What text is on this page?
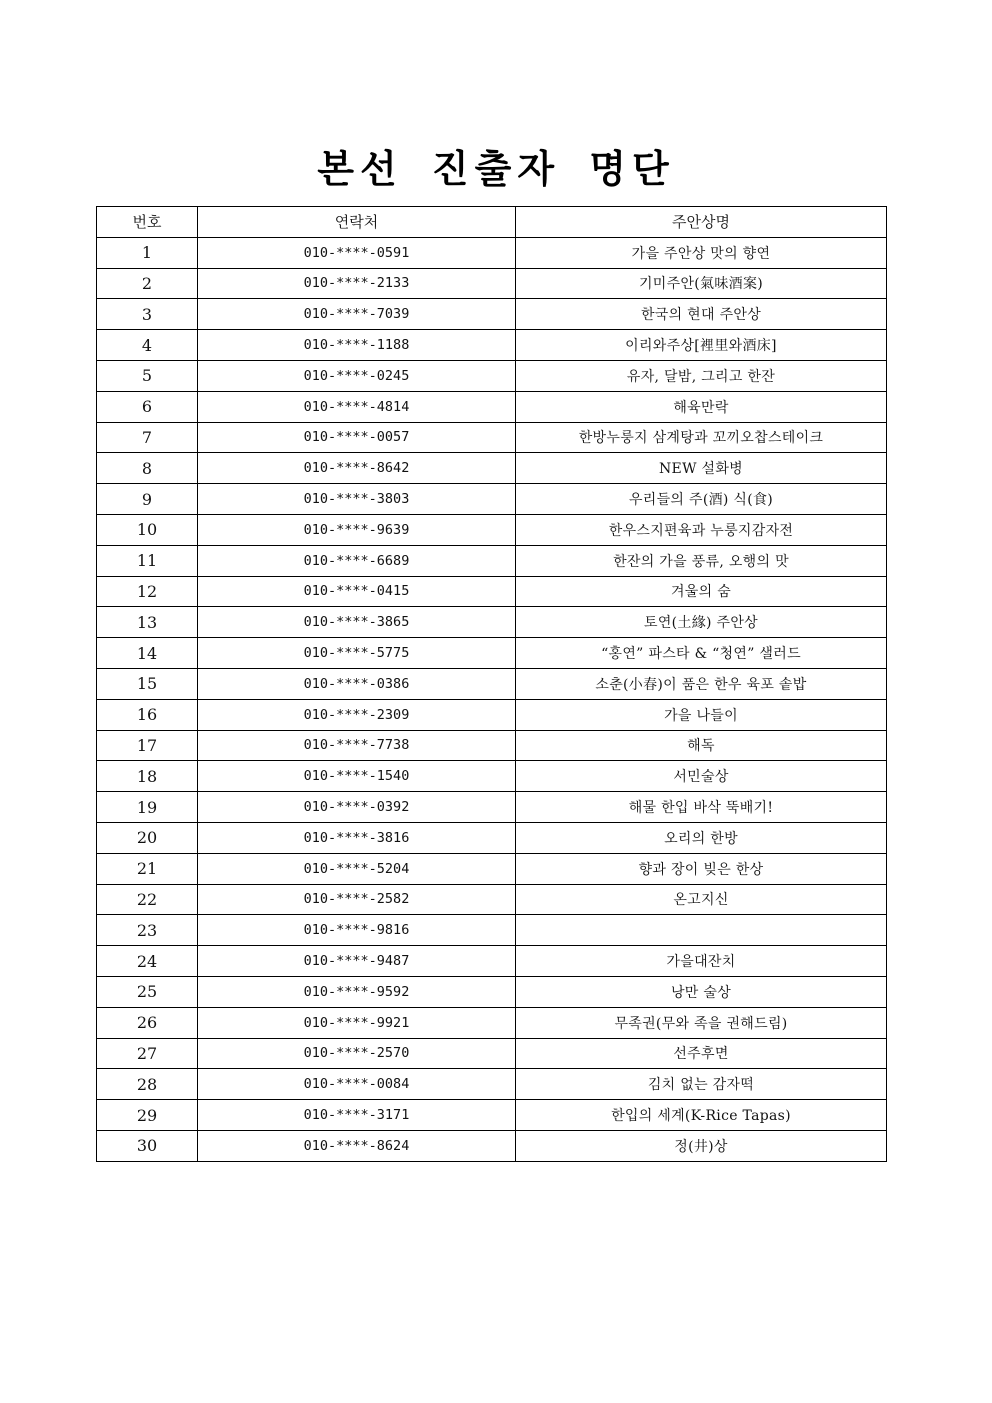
본선 진출자 명단
번호	연락처	주안상명
1	010-****-0591	가을 주안상 맛의 향연
2	010-****-2133	기미주안(氣味酒案)
3	010-****-7039	한국의 현대 주안상
4	010-****-1188	이리와주상[裡里와酒床]
5	010-****-0245	유자, 달밤, 그리고 한잔
6	010-****-4814	해육만락
7	010-****-0057	한방누룽지 삼계탕과 꼬끼오찹스테이크
8	010-****-8642	NEW 설화병
9	010-****-3803	우리들의 주(酒) 식(食)
10	010-****-9639	한우스지편육과 누룽지감자전
11	010-****-6689	한잔의 가을 풍류, 오행의 맛
12	010-****-0415	겨울의 숨
13	010-****-3865	토연(土緣) 주안상
14	010-****-5775	“홍연” 파스타 & “청연” 샐러드
15	010-****-0386	소춘(小春)이 품은 한우 육포 솥밥
16	010-****-2309	가을 나들이
17	010-****-7738	해독
18	010-****-1540	서민술상
19	010-****-0392	해물 한입 바삭 뚝배기!
20	010-****-3816	오리의 한방
21	010-****-5204	향과 장이 빚은 한상
22	010-****-2582	온고지신
23	010-****-9816	
24	010-****-9487	가을대잔치
25	010-****-9592	낭만 술상
26	010-****-9921	무족권(무와 족을 권해드림)
27	010-****-2570	선주후면
28	010-****-0084	김치 없는 감자떡
29	010-****-3171	한입의 세계(K-Rice Tapas)
30	010-****-8624	정(井)상
